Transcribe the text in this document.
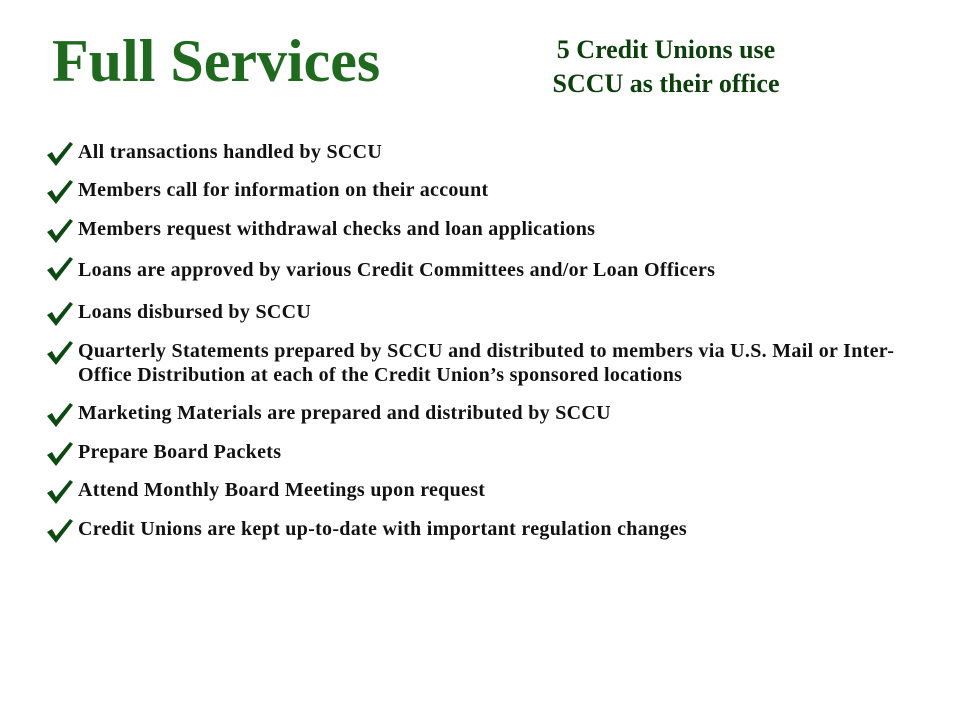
Full Services	5 Credit Unions use
SCCU as their office
All transactions handled by SCCU
Members call for information on their account
Members request withdrawal checks and loan applications
Loans are approved by various Credit Committees and/or Loan Officers
Loans disbursed by SCCU
Quarterly Statements prepared by SCCU and distributed to members via U.S. Mail or Inter-Office Distribution at each of the Credit Union’s sponsored locations
Marketing Materials are prepared and distributed by SCCU
Prepare Board Packets
Attend Monthly Board Meetings upon request
Credit Unions are kept up-to-date with important regulation changes
